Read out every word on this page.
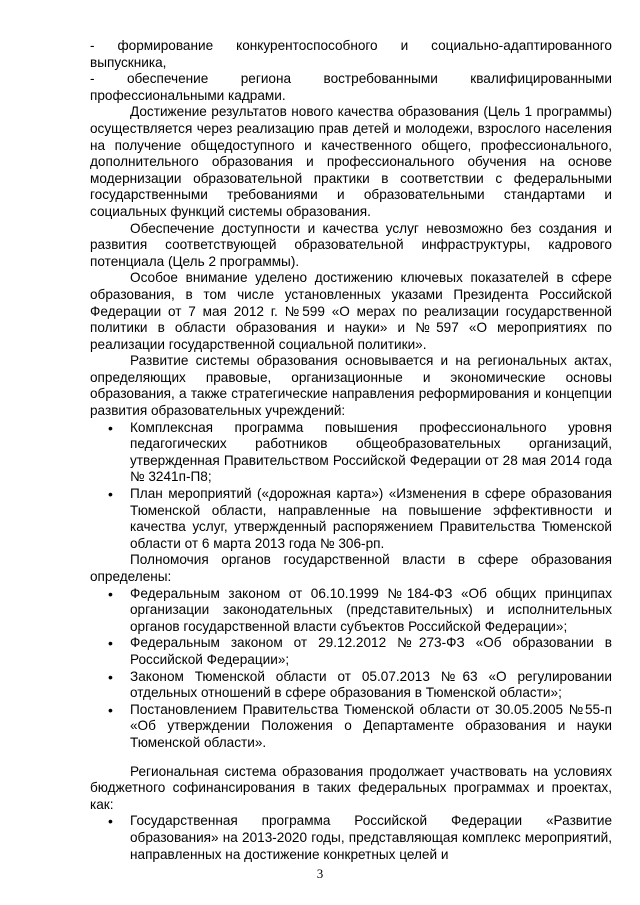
- формирование конкурентоспособного и социально-адаптированного выпускника,

- обеспечение региона востребованными квалифицированными профессиональными кадрами.

Достижение результатов нового качества образования (Цель 1 программы) осуществляется через реализацию прав детей и молодежи, взрослого населения на получение общедоступного и качественного общего, профессионального, дополнительного образования и профессионального обучения на основе модернизации образовательной практики в соответствии с федеральными государственными требованиями и образовательными стандартами и социальных функций системы образования.

Обеспечение доступности и качества услуг невозможно без создания и развития соответствующей образовательной инфраструктуры, кадрового потенциала (Цель 2 программы).

Особое внимание уделено достижению ключевых показателей в сфере образования, в том числе установленных указами Президента Российской Федерации от 7 мая 2012 г. №599 «О мерах по реализации государственной политики в области образования и науки» и №597 «О мероприятиях по реализации государственной социальной политики».

Развитие системы образования основывается и на региональных актах, определяющих правовые, организационные и экономические основы образования, а также стратегические направления реформирования и концепции развития образовательных учреждений:

• Комплексная программа повышения профессионального уровня педагогических работников общеобразовательных организаций, утвержденная Правительством Российской Федерации от 28 мая 2014 года № 3241п-П8;
• План мероприятий («дорожная карта») «Изменения в сфере образования Тюменской области, направленные на повышение эффективности и качества услуг, утвержденный распоряжением Правительства Тюменской области от 6 марта 2013 года № 306-рп.

Полномочия органов государственной власти в сфере образования определены:

• Федеральным законом от 06.10.1999 №184-ФЗ «Об общих принципах организации законодательных (представительных) и исполнительных органов государственной власти субъектов Российской Федерации»;
• Федеральным законом от 29.12.2012 №273-ФЗ «Об образовании в Российской Федерации»;
• Законом Тюменской области от 05.07.2013 №63 «О регулировании отдельных отношений в сфере образования в Тюменской области»;
• Постановлением Правительства Тюменской области от 30.05.2005 №55-п «Об утверждении Положения о Департаменте образования и науки Тюменской области».

Региональная система образования продолжает участвовать на условиях бюджетного софинансирования в таких федеральных программах и проектах, как:

• Государственная программа Российской Федерации «Развитие образования» на 2013-2020 годы, представляющая комплекс мероприятий, направленных на достижение конкретных целей и
3
